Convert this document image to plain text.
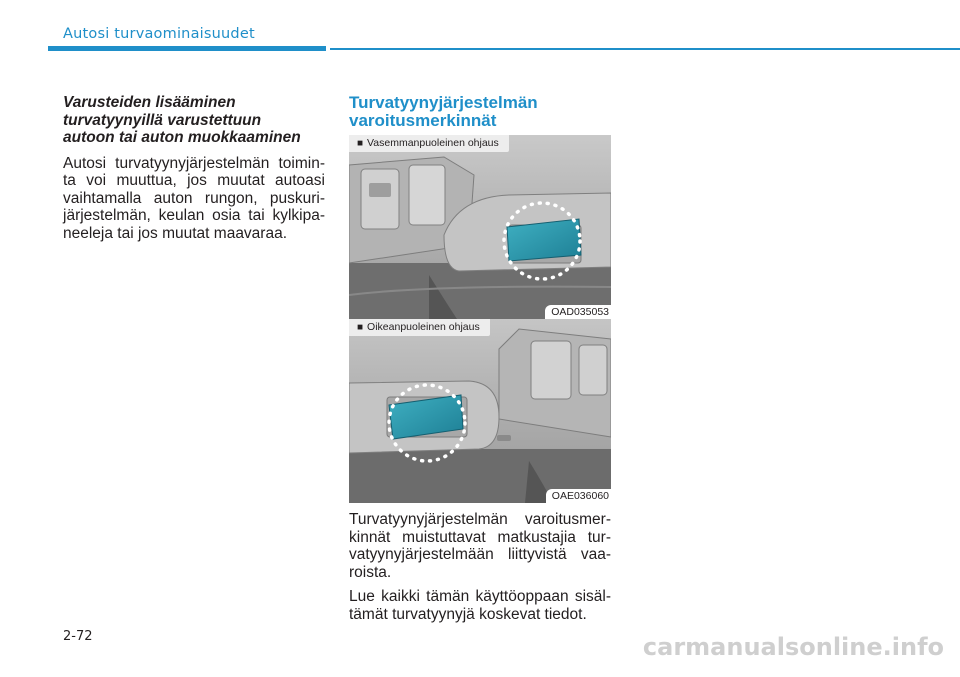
Autosi turvaominaisuudet
Varusteiden lisääminen
turvatyynyillä varustettuun
autoon tai auton muokkaaminen

Autosi turvatyynyjärjestelmän toimin-ta voi muuttua, jos muutat autoasi vaihtamalla auton rungon, puskuri-järjestelmän, keulan osia tai kylkipa-neeleja tai jos muutat maavaraa.

Turvatyynyjärjestelmän
varoitusmerkinnät
■ Vasemmanpuoleinen ohjaus
OAD035053
■ Oikeanpuoleinen ohjaus
OAE036060

Turvatyynyjärjestelmän varoitusmer-kinnät muistuttavat matkustajia tur-vatyynyjärjestelmään liittyvistä vaa-roista.

Lue kaikki tämän käyttöoppaan sisäl-tämät turvatyynyjä koskevat tiedot.

2-72	carmanualsonline.info
